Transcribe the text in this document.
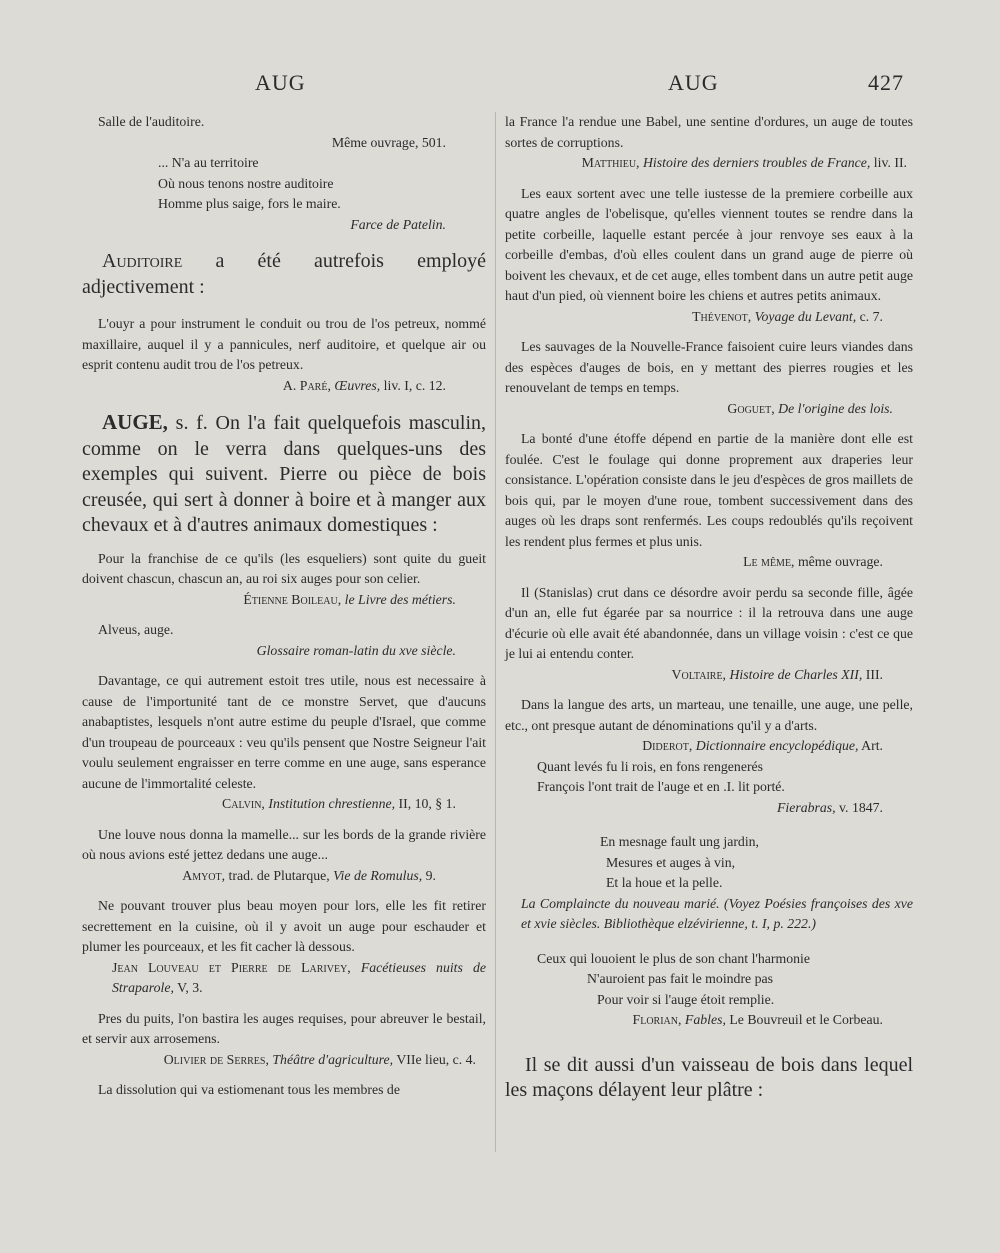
AUG	AUG	427

Salle de l'auditoire.

Même ouvrage, 501.

... N'a au territoire

Où nous tenons nostre auditoire

Homme plus saige, fors le maire.

Farce de Patelin.

Auditoire a été autrefois employé adjectivement :

L'ouyr a pour instrument le conduit ou trou de l'os petreux, nommé maxillaire, auquel il y a pannicules, nerf auditoire, et quelque air ou esprit contenu audit trou de l'os petreux.

A. Paré, Œuvres, liv. I, c. 12.

AUGE, s. f. On l'a fait quelquefois masculin, comme on le verra dans quelques-uns des exemples qui suivent. Pierre ou pièce de bois creusée, qui sert à donner à boire et à manger aux chevaux et à d'autres animaux domestiques :

Pour la franchise de ce qu'ils (les esqueliers) sont quite du gueit doivent chascun, chascun an, au roi six auges pour son celier.

Étienne Boileau, le Livre des métiers.

Alveus, auge.

Glossaire roman-latin du xve siècle.

Davantage, ce qui autrement estoit tres utile, nous est necessaire à cause de l'importunité tant de ce monstre Servet, que d'aucuns anabaptistes, lesquels n'ont autre estime du peuple d'Israel, que comme d'un troupeau de pourceaux : veu qu'ils pensent que Nostre Seigneur l'ait voulu seulement engraisser en terre comme en une auge, sans esperance aucune de l'immortalité celeste.

Calvin, Institution chrestienne, II, 10, § 1.

Une louve nous donna la mamelle... sur les bords de la grande rivière où nous avions esté jettez dedans une auge...

Amyot, trad. de Plutarque, Vie de Romulus, 9.

Ne pouvant trouver plus beau moyen pour lors, elle les fit retirer secrettement en la cuisine, où il y avoit un auge pour eschauder et plumer les pourceaux, et les fit cacher là dessous.

Jean Louveau et Pierre de Larivey, Facétieuses nuits de Straparole, V, 3.

Pres du puits, l'on bastira les auges requises, pour abreuver le bestail, et servir aux arrosemens.

Olivier de Serres, Théâtre d'agriculture, VIIe lieu, c. 4.

La dissolution qui va estiomenant tous les membres de

la France l'a rendue une Babel, une sentine d'ordures, un auge de toutes sortes de corruptions.

Matthieu, Histoire des derniers troubles de France, liv. II.

Les eaux sortent avec une telle iustesse de la premiere corbeille aux quatre angles de l'obelisque, qu'elles viennent toutes se rendre dans la petite corbeille, laquelle estant percée à jour renvoye ses eaux à la corbeille d'embas, d'où elles coulent dans un grand auge de pierre où boivent les chevaux, et de cet auge, elles tombent dans un autre petit auge haut d'un pied, où viennent boire les chiens et autres petits animaux.

Thévenot, Voyage du Levant, c. 7.

Les sauvages de la Nouvelle-France faisoient cuire leurs viandes dans des espèces d'auges de bois, en y mettant des pierres rougies et les renouvelant de temps en temps.

Goguet, De l'origine des lois.

La bonté d'une étoffe dépend en partie de la manière dont elle est foulée. C'est le foulage qui donne proprement aux draperies leur consistance. L'opération consiste dans le jeu d'espèces de gros maillets de bois qui, par le moyen d'une roue, tombent successivement dans des auges où les draps sont renfermés. Les coups redoublés qu'ils reçoivent les rendent plus fermes et plus unis.

Le même, même ouvrage.

Il (Stanislas) crut dans ce désordre avoir perdu sa seconde fille, âgée d'un an, elle fut égarée par sa nourrice : il la retrouva dans une auge d'écurie où elle avait été abandonnée, dans un village voisin : c'est ce que je lui ai entendu conter.

Voltaire, Histoire de Charles XII, III.

Dans la langue des arts, un marteau, une tenaille, une auge, une pelle, etc., ont presque autant de dénominations qu'il y a d'arts.

Diderot, Dictionnaire encyclopédique, Art.

Quant levés fu li rois, en fons rengenerés

François l'ont trait de l'auge et en .I. lit porté.

Fierabras, v. 1847.

En mesnage fault ung jardin,

Mesures et auges à vin,

Et la houe et la pelle.

La Complaincte du nouveau marié. (Voyez Poésies françoises des xve et xvie siècles. Bibliothèque elzévirienne, t. I, p. 222.)

Ceux qui louoient le plus de son chant l'harmonie

N'auroient pas fait le moindre pas

Pour voir si l'auge étoit remplie.

Florian, Fables, Le Bouvreuil et le Corbeau.

Il se dit aussi d'un vaisseau de bois dans lequel les maçons délayent leur plâtre :
